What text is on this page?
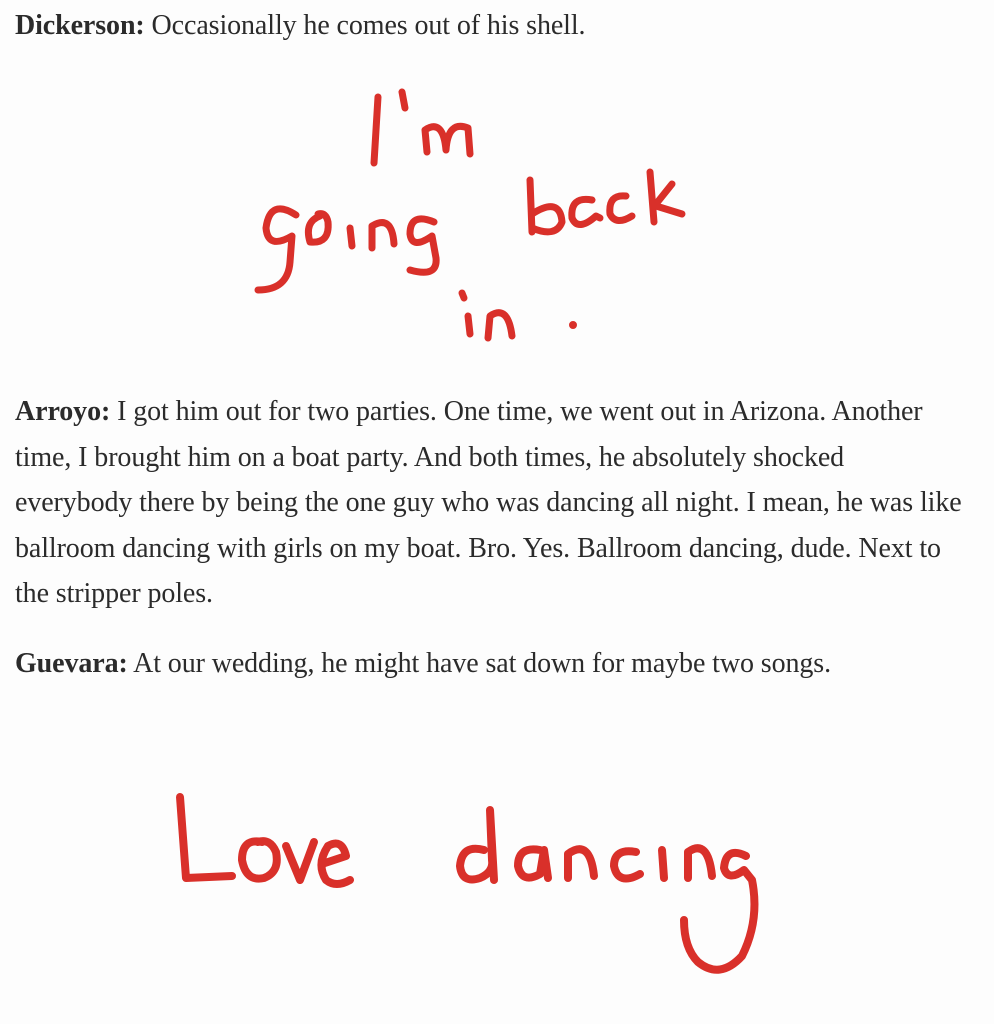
Dickerson: Occasionally he comes out of his shell.

Arroyo: I got him out for two parties. One time, we went out in Arizona. Another time, I brought him on a boat party. And both times, he absolutely shocked everybody there by being the one guy who was dancing all night. I mean, he was like ballroom dancing with girls on my boat. Bro. Yes. Ballroom dancing, dude. Next to the stripper poles.

Guevara: At our wedding, he might have sat down for maybe two songs.
